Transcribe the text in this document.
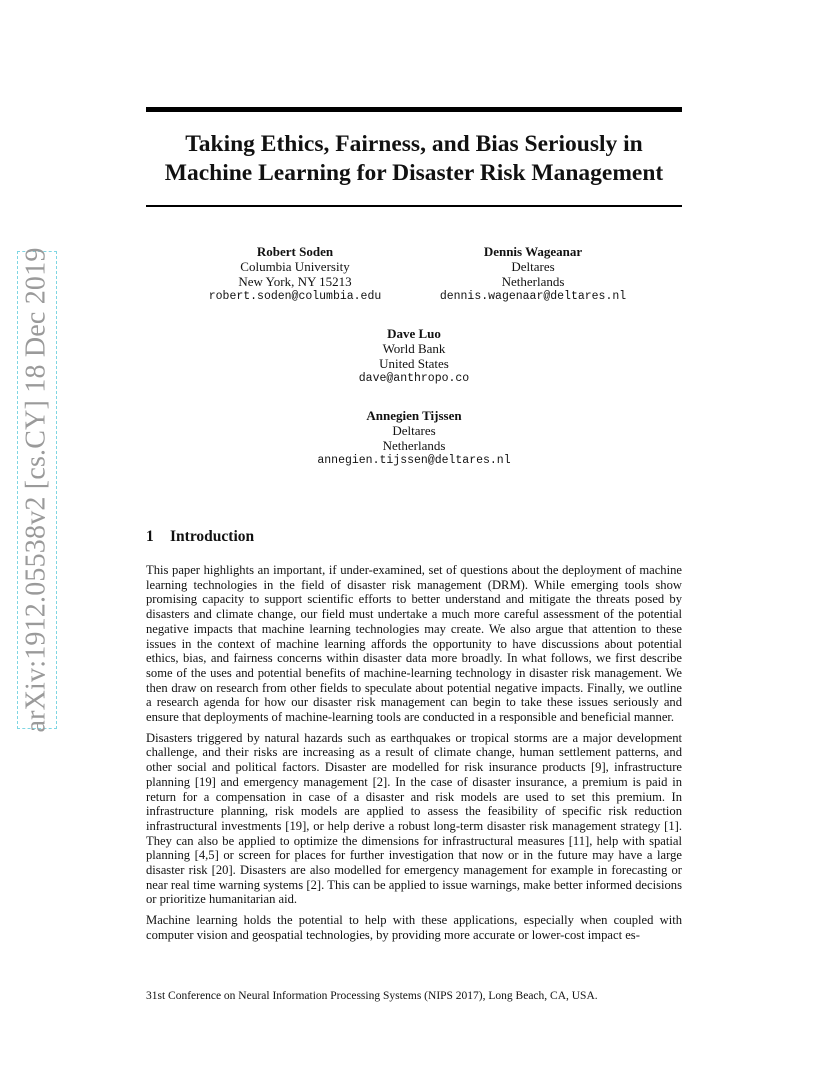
arXiv:1912.05538v2 [cs.CY] 18 Dec 2019
Taking Ethics, Fairness, and Bias Seriously in
Machine Learning for Disaster Risk Management
Robert Soden
Columbia University
New York, NY 15213
robert.soden@columbia.edu
Dennis Wageanar
Deltares
Netherlands
dennis.wagenaar@deltares.nl
Dave Luo
World Bank
United States
dave@anthropo.co
Annegien Tijssen
Deltares
Netherlands
annegien.tijssen@deltares.nl
1 Introduction

This paper highlights an important, if under-examined, set of questions about the deployment of machine learning technologies in the field of disaster risk management (DRM). While emerging tools show promising capacity to support scientific efforts to better understand and mitigate the threats posed by disasters and climate change, our field must undertake a much more careful assessment of the potential negative impacts that machine learning technologies may create. We also argue that attention to these issues in the context of machine learning affords the opportunity to have discussions about potential ethics, bias, and fairness concerns within disaster data more broadly. In what follows, we first describe some of the uses and potential benefits of machine-learning technology in disaster risk management. We then draw on research from other fields to speculate about potential negative impacts. Finally, we outline a research agenda for how our disaster risk management can begin to take these issues seriously and ensure that deployments of machine-learning tools are conducted in a responsible and beneficial manner.

Disasters triggered by natural hazards such as earthquakes or tropical storms are a major development challenge, and their risks are increasing as a result of climate change, human settlement patterns, and other social and political factors. Disaster are modelled for risk insurance products [9], infrastructure planning [19] and emergency management [2]. In the case of disaster insurance, a premium is paid in return for a compensation in case of a disaster and risk models are used to set this premium. In infrastructure planning, risk models are applied to assess the feasibility of specific risk reduction infrastructural investments [19], or help derive a robust long-term disaster risk management strategy [1]. They can also be applied to optimize the dimensions for infrastructural measures [11], help with spatial planning [4,5] or screen for places for further investigation that now or in the future may have a large disaster risk [20]. Disasters are also modelled for emergency management for example in forecasting or near real time warning systems [2]. This can be applied to issue warnings, make better informed decisions or prioritize humanitarian aid.

Machine learning holds the potential to help with these applications, especially when coupled with computer vision and geospatial technologies, by providing more accurate or lower-cost impact es-

31st Conference on Neural Information Processing Systems (NIPS 2017), Long Beach, CA, USA.
